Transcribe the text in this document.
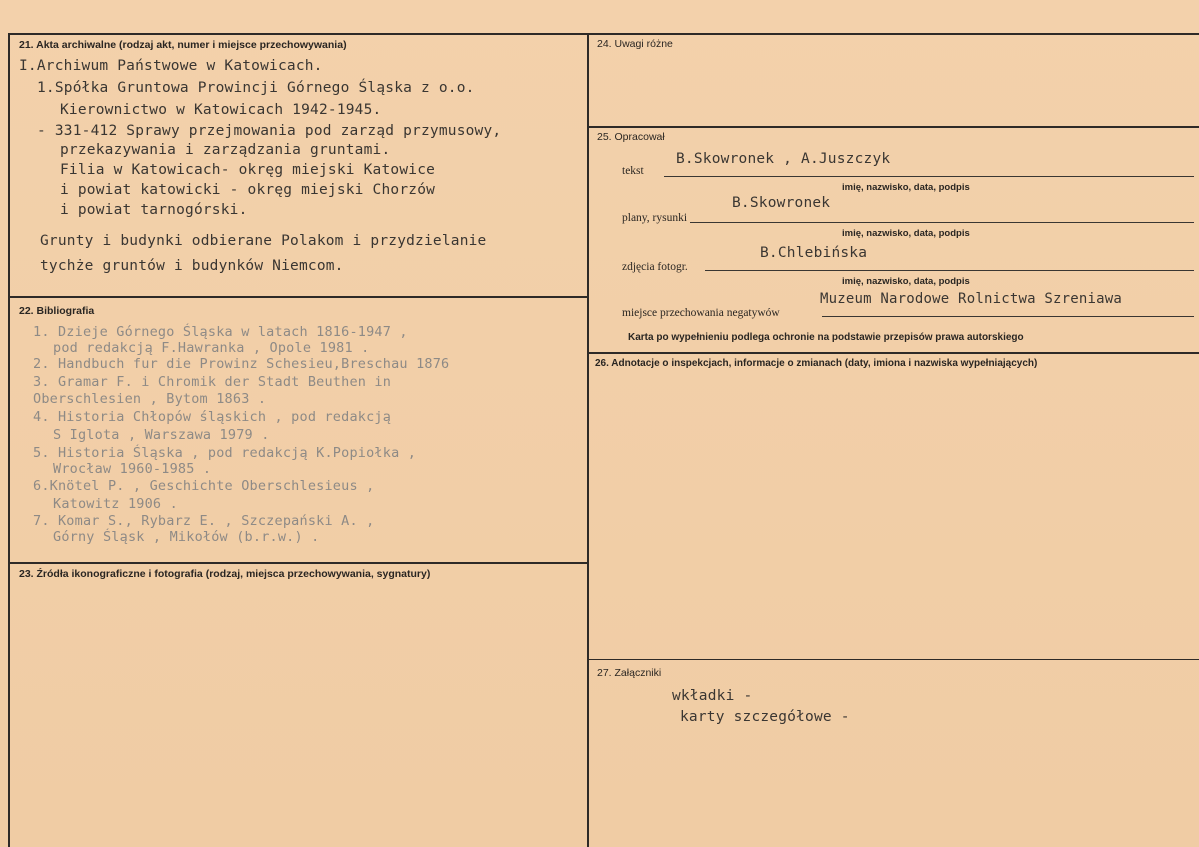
21. Akta archiwalne (rodzaj akt, numer i miejsce przechowywania)
I.Archiwum Państwowe w Katowicach.
1.Spółka Gruntowa Prowincji Górnego Śląska z o.o.
Kierownictwo w Katowicach 1942-1945.
- 331-412 Sprawy przejmowania pod zarząd przymusowy,
przekazywania i zarządzania gruntami.
Filia w Katowicach- okręg miejski Katowice
i powiat katowicki - okręg miejski Chorzów
i powiat tarnogórski.
Grunty i budynki odbierane Polakom i przydzielanie
tychże gruntów i budynków Niemcom.
22. Bibliografia
1. Dzieje Górnego Śląska w latach 1816-1947 ,
pod redakcją F.Hawranka , Opole 1981 .
2. Handbuch fur die Prowinz Schesieu,Breschau 1876
3. Gramar F. i Chromik der Stadt Beuthen in
Oberschlesien , Bytom 1863 .
4. Historia Chłopów śląskich , pod redakcją
S Iglota , Warszawa 1979 .
5. Historia Śląska , pod redakcją K.Popiołka ,
Wrocław 1960-1985 .
6.Knötel P. , Geschichte Oberschlesieus ,
Katowitz 1906 .
7. Komar S., Rybarz E. , Szczepański A. ,
Górny Śląsk , Mikołów (b.r.w.) .
23. Źródła ikonograficzne i fotografia (rodzaj, miejsca przechowywania, sygnatury)
24. Uwagi różne
25. Opracował
tekst
B.Skowronek , A.Juszczyk
imię, nazwisko, data, podpis
plany, rysunki
B.Skowronek
imię, nazwisko, data, podpis
zdjęcia fotogr.
B.Chlebińska
imię, nazwisko, data, podpis
miejsce przechowania negatywów
Muzeum Narodowe Rolnictwa Szreniawa
Karta po wypełnieniu podlega ochronie na podstawie przepisów prawa autorskiego
26. Adnotacje o inspekcjach, informacje o zmianach (daty, imiona i nazwiska wypełniających)
27. Załączniki
wkładki -
karty szczegółowe -
